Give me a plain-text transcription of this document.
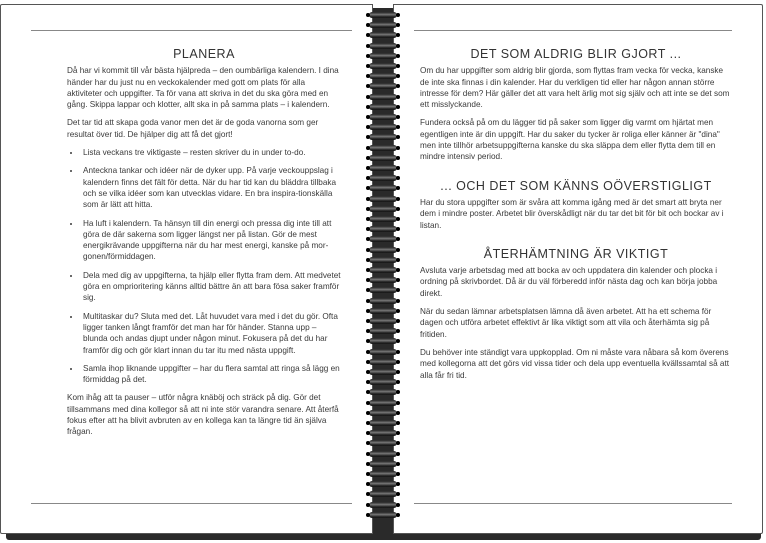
PLANERA

Då har vi kommit till vår bästa hjälpreda – den oumbärliga kalendern. I dina händer har du just nu en veckokalender med gott om plats för alla aktiviteter och uppgifter. Ta för vana att skriva in det du ska göra med en gång. Skippa lappar och klotter, allt ska in på samma plats – i kalendern.

Det tar tid att skapa goda vanor men det är de goda vanorna som ger resultat över tid. De hjälper dig att få det gjort!

• Lista veckans tre viktigaste – resten skriver du in under to-do.
• Anteckna tankar och idéer när de dyker upp. På varje veckouppslag i kalendern finns det fält för detta. När du har tid kan du bläddra tillbaka och se vilka idéer som kan utvecklas vidare. En bra inspira-tionskälla som är lätt att hitta.
• Ha luft i kalendern. Ta hänsyn till din energi och pressa dig inte till att göra de där sakerna som ligger längst ner på listan. Gör de mest energikrävande uppgifterna när du har mest energi, kanske på mor-gonen/förmiddagen.
• Dela med dig av uppgifterna, ta hjälp eller flytta fram dem. Att medvetet göra en omprioritering känns alltid bättre än att bara fösa saker framför sig.
• Multitaskar du? Sluta med det. Låt huvudet vara med i det du gör. Ofta ligger tanken långt framför det man har för händer. Stanna upp – blunda och andas djupt under någon minut. Fokusera på det du har framför dig och gör klart innan du tar itu med nästa uppgift.
• Samla ihop liknande uppgifter – har du flera samtal att ringa så lägg en förmiddag på det.

Kom ihåg att ta pauser – utför några knäböj och sträck på dig. Gör det tillsammans med dina kollegor så att ni inte stör varandra senare. Att återfå fokus efter att ha blivit avbruten av en kollega kan ta längre tid än själva frågan.

DET SOM ALDRIG BLIR GJORT ...

Om du har uppgifter som aldrig blir gjorda, som flyttas fram vecka för vecka, kanske de inte ska finnas i din kalender. Har du verkligen tid eller har någon annan större intresse för dem? Här gäller det att vara helt ärlig mot sig själv och att inte se det som ett misslyckande.

Fundera också på om du lägger tid på saker som ligger dig varmt om hjärtat men egentligen inte är din uppgift. Har du saker du tycker är roliga eller känner är "dina" men inte tillhör arbetsuppgifterna kanske du ska släppa dem eller flytta dem till en mindre intensiv period.

... OCH DET SOM KÄNNS OÖVERSTIGLIGT

Har du stora uppgifter som är svåra att komma igång med är det smart att bryta ner dem i mindre poster. Arbetet blir överskådligt när du tar det bit för bit och bockar av i listan.

ÅTERHÄMTNING ÄR VIKTIGT

Avsluta varje arbetsdag med att bocka av och uppdatera din kalender och plocka i ordning på skrivbordet. Då är du väl förberedd inför nästa dag och kan börja jobba direkt.

När du sedan lämnar arbetsplatsen lämna då även arbetet. Att ha ett schema för dagen och utföra arbetet effektivt är lika viktigt som att vila och återhämta sig på fritiden.

Du behöver inte ständigt vara uppkopplad. Om ni måste vara nåbara så kom överens med kollegorna att det görs vid vissa tider och dela upp eventuella kvällssamtal så att alla får fri tid.
